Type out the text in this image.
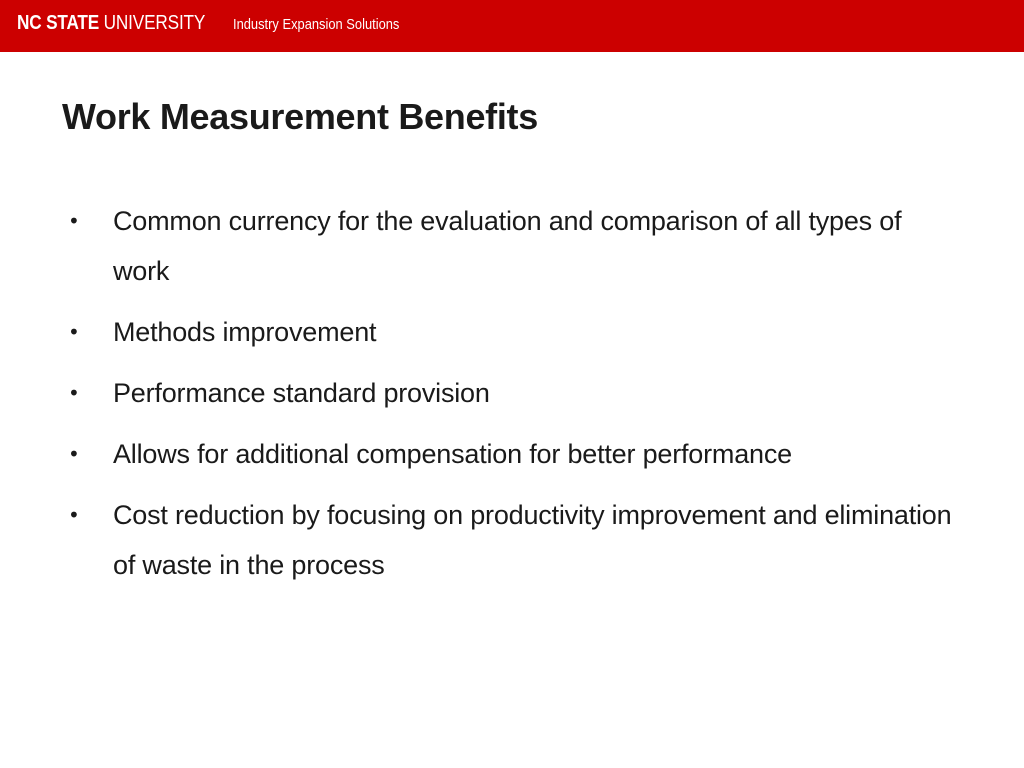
NC STATE UNIVERSITY Industry Expansion Solutions
Work Measurement Benefits
•	Common currency for the evaluation and comparison of all types of work
•	Methods improvement
•	Performance standard provision
•	Allows for additional compensation for better performance
•	Cost reduction by focusing on productivity improvement and elimination of waste in the process
